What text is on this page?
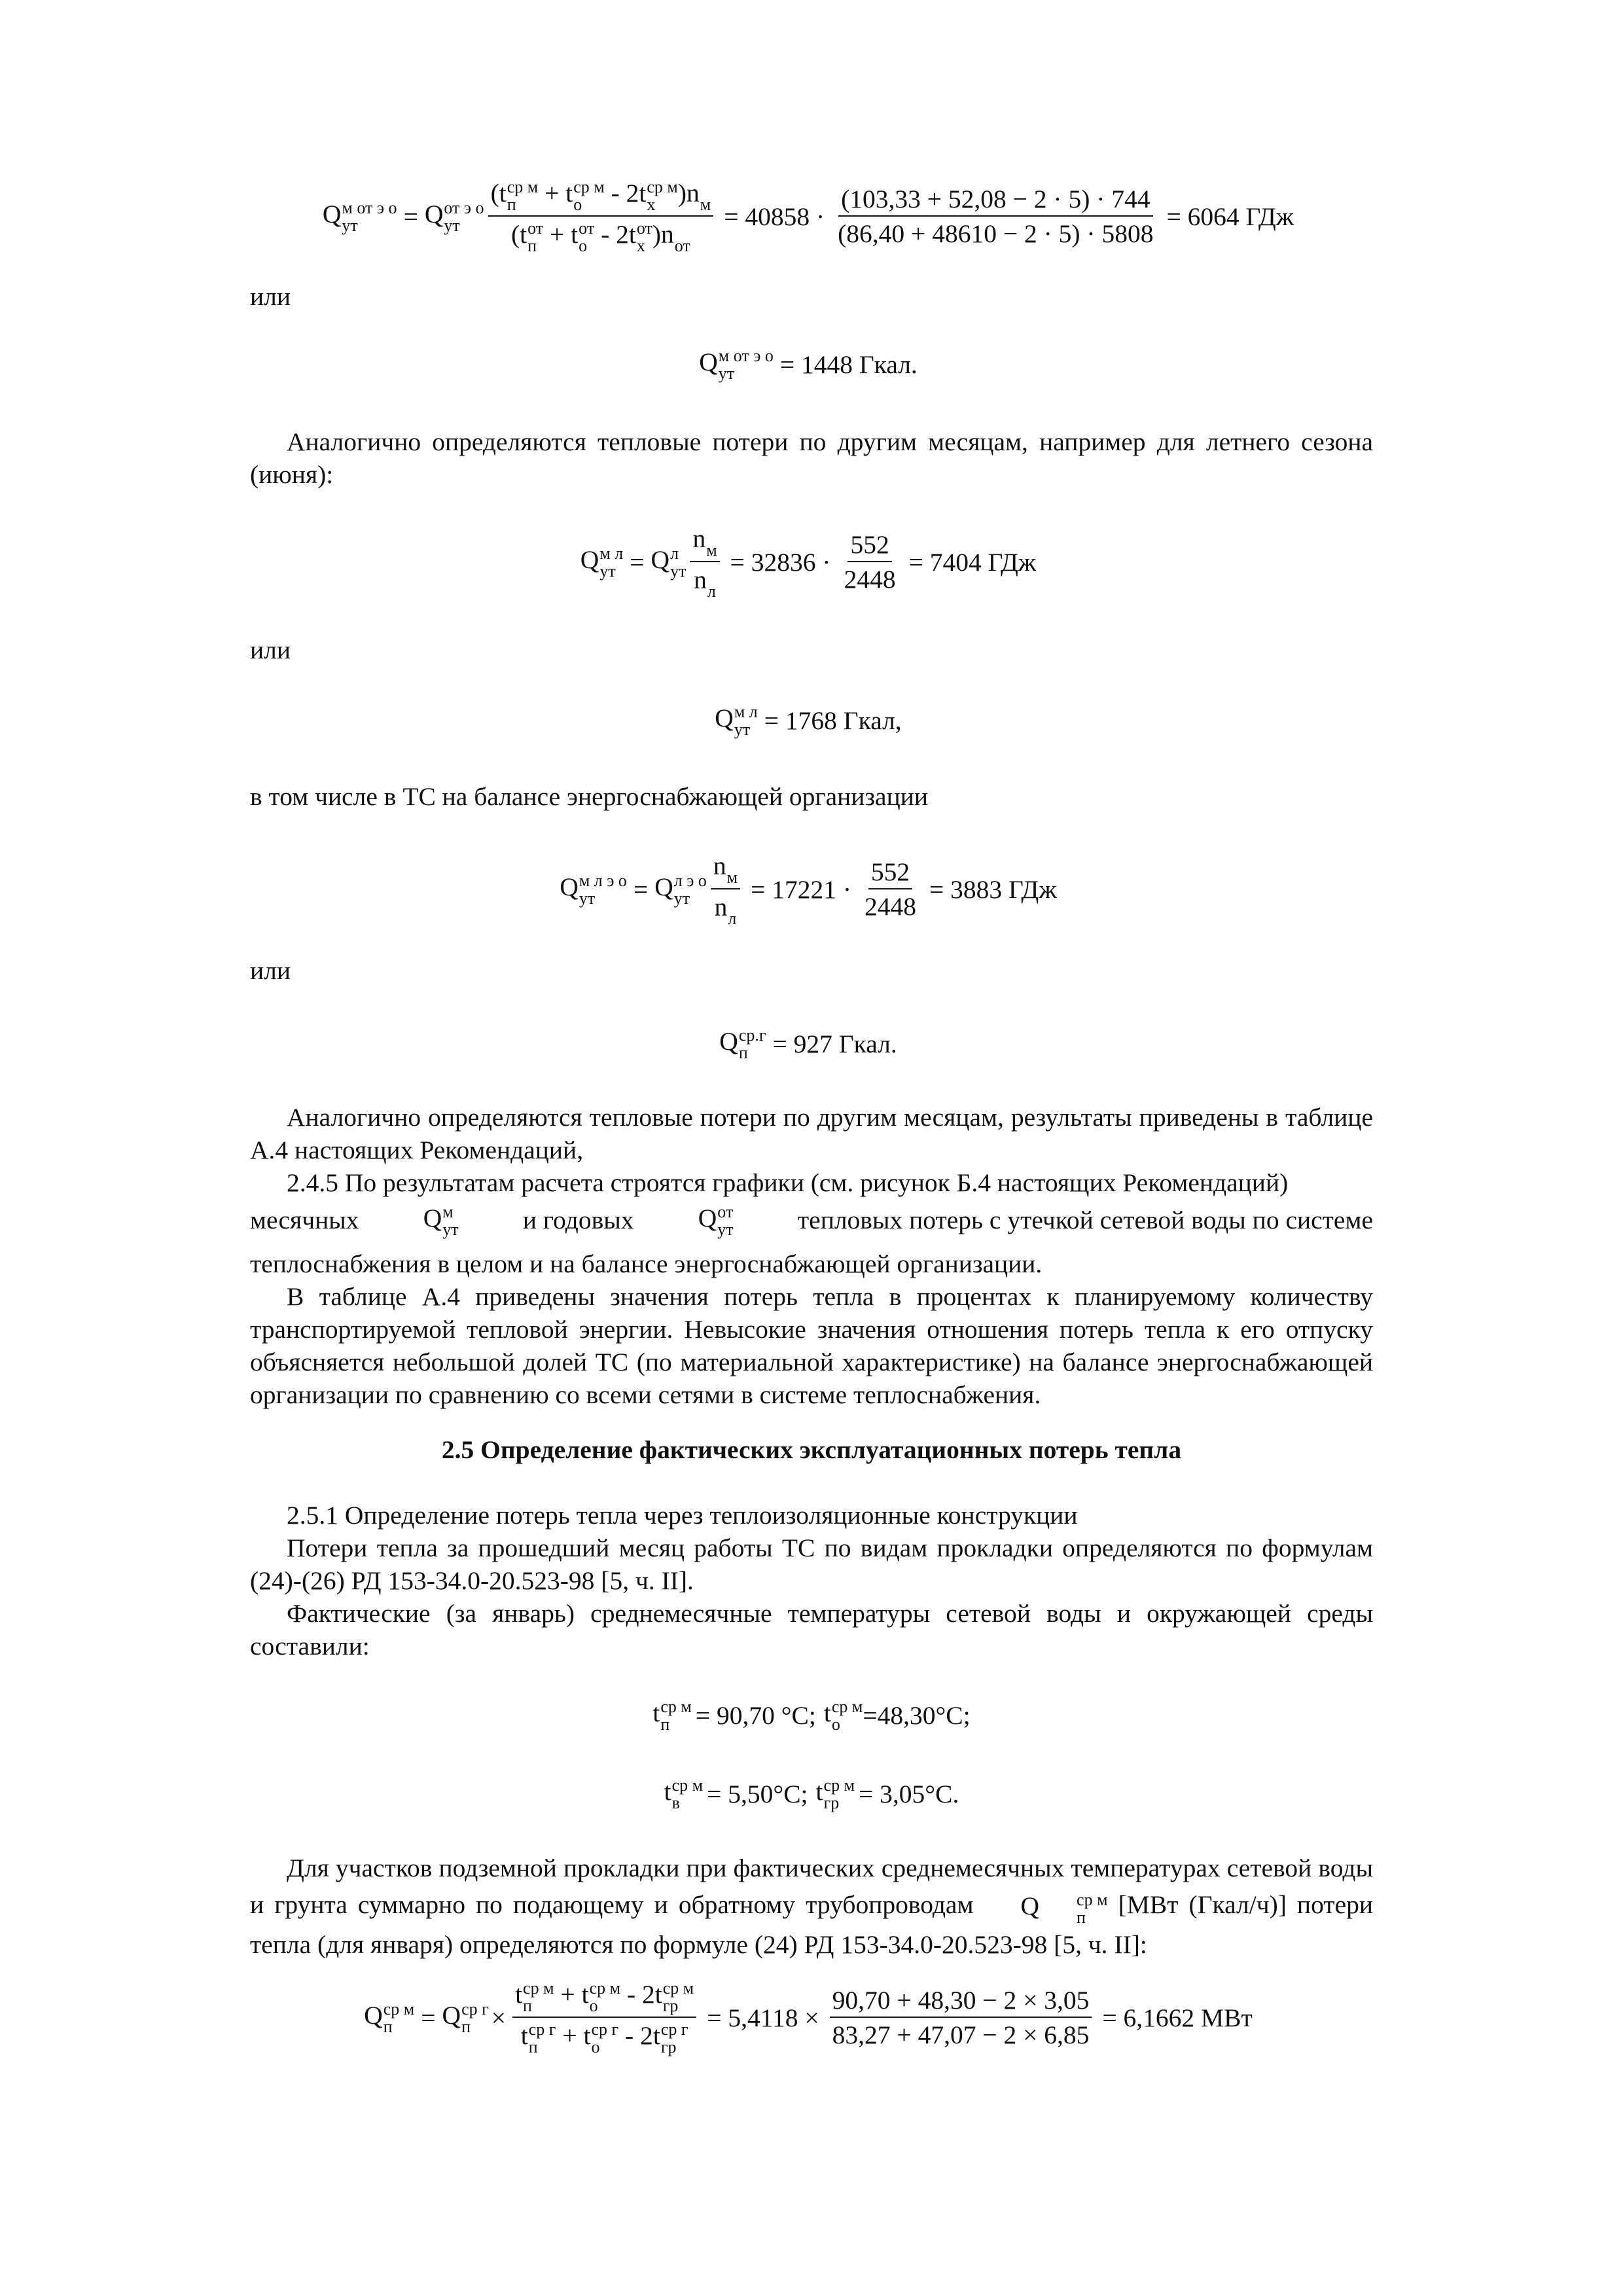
Q м от э о
ут	= Q от э о
ут
(t ср м
п	+ t ср м
о	- 2t ср м
х )n
м
(t от
п + t от
о - 2t от
х )n
от
= $40858 \cdot \frac{(103,33 + 52,08 - 2 \cdot 5) \cdot 744}{(86,40 + 48610 - 2 \cdot 5) \cdot 5808} = 6064$ ГДж
или
Q м от э о
ут	= 1448 Гкал.
Аналогично определяются тепловые потери по другим месяцам, например для летнего сезона (июня):
Q м л
ут = Q л
ут
n
м
n
л
= $32836 \cdot \frac{552}{2448} = 7404$ ГДж
или
Q м л
ут = 1768 Гкал,
в том числе в ТС на балансе энергоснабжающей организации
Q м л э о
ут	= Q л э о
ут
n
м
n
л
= $17221 \cdot \frac{552}{2448} = 3883$ ГДж
или
Q ср.г
п = 927 Гкал.
Аналогично определяются тепловые потери по другим месяцам, результаты приведены в таблице А.4 настоящих Рекомендаций,
2.4.5 По результатам расчета строятся графики (см. рисунок Б.4 настоящих Рекомендаций)
месячных Q м
ут и годовых Q от
ут тепловых потерь с утечкой сетевой воды по системе
теплоснабжения в целом и на балансе энергоснабжающей организации.
В таблице А.4 приведены значения потерь тепла в процентах к планируемому количеству транспортируемой тепловой энергии. Невысокие значения отношения потерь тепла к его отпуску объясняется небольшой долей ТС (по материальной характеристике) на балансе энергоснабжающей организации по сравнению со всеми сетями в системе теплоснабжения.
2.5 Определение фактических эксплуатационных потерь тепла
2.5.1 Определение потерь тепла через теплоизоляционные конструкции
Потери тепла за прошедший месяц работы ТС по видам прокладки определяются по формулам (24)-(26) РД 153-34.0-20.523-98 [5, ч. II].
Фактические (за январь) среднемесячные температуры сетевой воды и окружающей среды составили:
t ср м
п	= 90,70 °C; t ср м
о =48,30°C;
t ср м
в	= 5,50°C; t ср м
гр = 3,05°C.
Для участков подземной прокладки при фактических среднемесячных температурах сетевой воды и грунта суммарно по подающему и обратному трубопроводам Q	ср м
п	[МВт (Гкал/ч)] потери тепла (для января) определяются по формуле (24) РД 153-34.0-20.523-98 [5, ч. II]:
Q ср м
п	= Q ср г
п ×
t ср м
п	+ t ср м
о	- 2t ср м
гр
t ср г
п + t ср г
о - 2t ср г
гр
= $5,4118 \times \frac{90,70 + 48,30 - 2 \times 3,05}{83,27 + 47,07 - 2 \times 6,85} = 6,1662$ МВт
